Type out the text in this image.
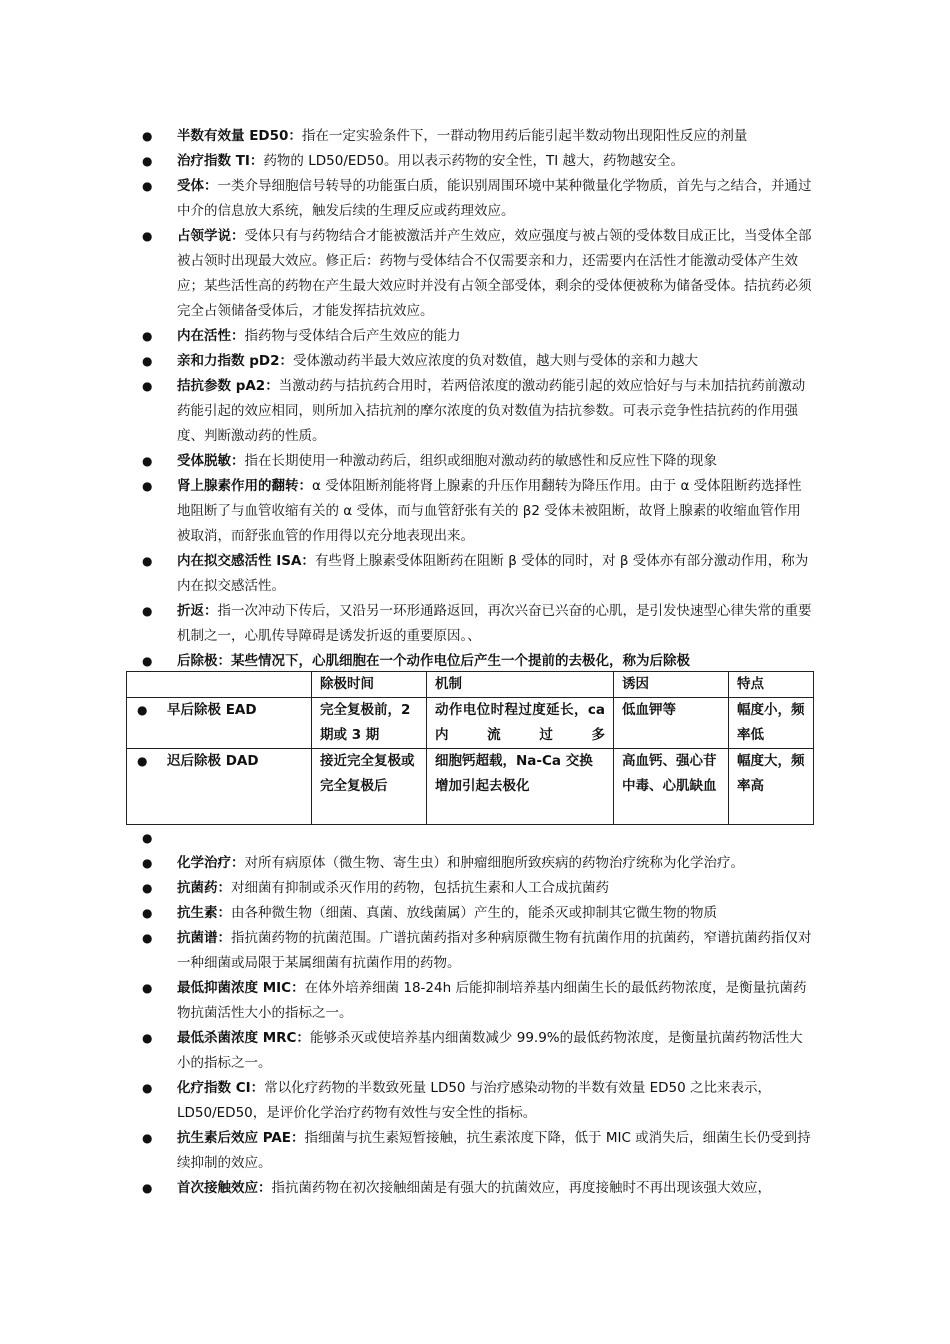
● 半数有效量 ED50：指在一定实验条件下，一群动物用药后能引起半数动物出现阳性反应的剂量
● 治疗指数 TI：药物的 LD50/ED50。用以表示药物的安全性，TI 越大，药物越安全。
● 受体：一类介导细胞信号转导的功能蛋白质，能识别周围环境中某种微量化学物质，首先与之结合，并通过中介的信息放大系统，触发后续的生理反应或药理效应。
● 占领学说：受体只有与药物结合才能被激活并产生效应，效应强度与被占领的受体数目成正比，当受体全部被占领时出现最大效应。修正后：药物与受体结合不仅需要亲和力，还需要内在活性才能激动受体产生效应；某些活性高的药物在产生最大效应时并没有占领全部受体，剩余的受体便被称为储备受体。拮抗药必须完全占领储备受体后，才能发挥拮抗效应。
● 内在活性：指药物与受体结合后产生效应的能力
● 亲和力指数 pD2：受体激动药半最大效应浓度的负对数值，越大则与受体的亲和力越大
● 拮抗参数 pA2：当激动药与拮抗药合用时，若两倍浓度的激动药能引起的效应恰好与与未加拮抗药前激动药能引起的效应相同，则所加入拮抗剂的摩尔浓度的负对数值为拮抗参数。可表示竞争性拮抗药的作用强度、判断激动药的性质。
● 受体脱敏：指在长期使用一种激动药后，组织或细胞对激动药的敏感性和反应性下降的现象
● 肾上腺素作用的翻转：α 受体阻断剂能将肾上腺素的升压作用翻转为降压作用。由于 α 受体阻断药选择性地阻断了与血管收缩有关的 α 受体，而与血管舒张有关的 β2 受体未被阻断，故肾上腺素的收缩血管作用被取消，而舒张血管的作用得以充分地表现出来。
● 内在拟交感活性 ISA：有些肾上腺素受体阻断药在阻断 β 受体的同时，对 β 受体亦有部分激动作用，称为内在拟交感活性。
● 折返：指一次冲动下传后，又沿另一环形通路返回，再次兴奋已兴奋的心肌，是引发快速型心律失常的重要机制之一，心肌传导障碍是诱发折返的重要原因。、
● 后除极：某些情况下，心肌细胞在一个动作电位后产生一个提前的去极化，称为后除极
	除极时间	机制	诱因	特点

● 早后除极 EAD	完全复极前，2 期或 3 期	动作电位时程过度延长，ca 内流过多	低血钾等	幅度小，频率低

● 迟后除极 DAD	接近完全复极或完全复极后	细胞钙超载，Na-Ca 交换增加引起去极化	高血钙、强心苷中毒、心肌缺血	幅度大，频率高
●

● 化学治疗：对所有病原体（微生物、寄生虫）和肿瘤细胞所致疾病的药物治疗统称为化学治疗。
● 抗菌药：对细菌有抑制或杀灭作用的药物，包括抗生素和人工合成抗菌药
● 抗生素：由各种微生物（细菌、真菌、放线菌属）产生的，能杀灭或抑制其它微生物的物质
● 抗菌谱：指抗菌药物的抗菌范围。广谱抗菌药指对多种病原微生物有抗菌作用的抗菌药，窄谱抗菌药指仅对一种细菌或局限于某属细菌有抗菌作用的药物。
● 最低抑菌浓度 MIC：在体外培养细菌 18-24h 后能抑制培养基内细菌生长的最低药物浓度，是衡量抗菌药物抗菌活性大小的指标之一。
● 最低杀菌浓度 MRC：能够杀灭或使培养基内细菌数减少 99.9%的最低药物浓度，是衡量抗菌药物活性大小的指标之一。
● 化疗指数 CI：常以化疗药物的半数致死量 LD50 与治疗感染动物的半数有效量 ED50 之比来表示，LD50/ED50，是评价化学治疗药物有效性与安全性的指标。
● 抗生素后效应 PAE：指细菌与抗生素短暂接触，抗生素浓度下降，低于 MIC 或消失后，细菌生长仍受到持续抑制的效应。
● 首次接触效应：指抗菌药物在初次接触细菌是有强大的抗菌效应，再度接触时不再出现该强大效应，
